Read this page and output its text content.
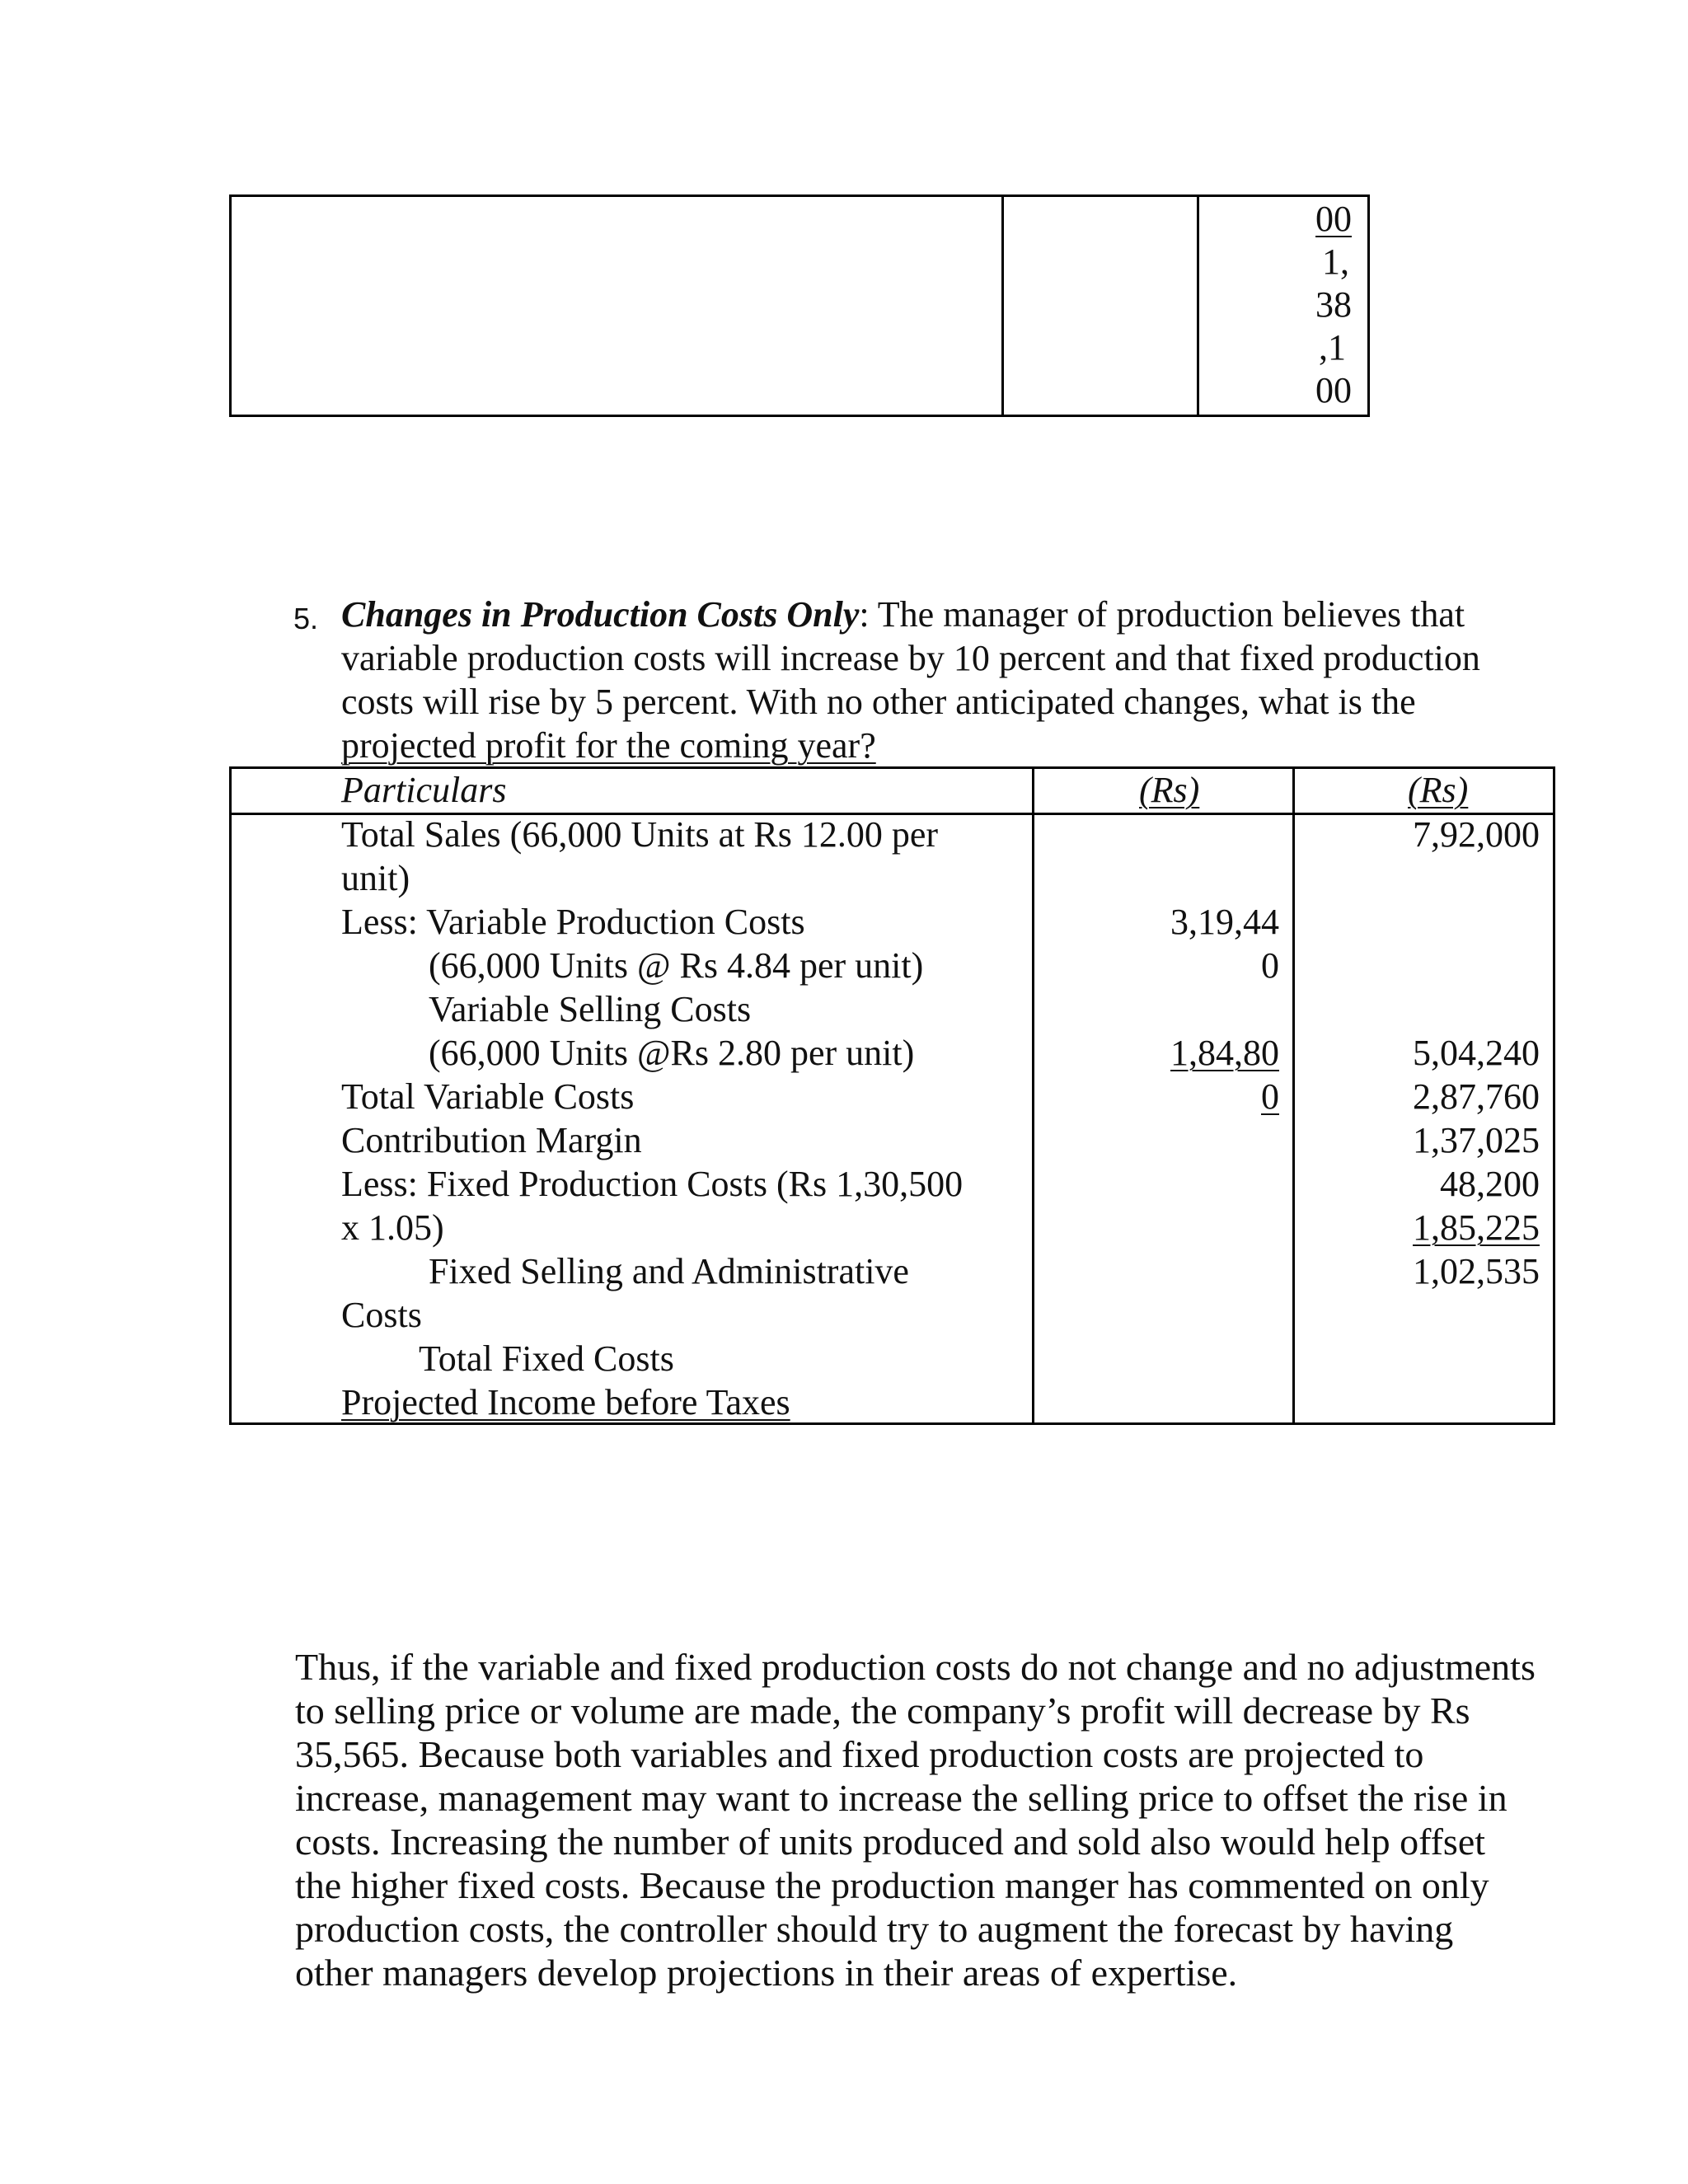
00
1,
38
,1
00
5. Changes in Production Costs Only: The manager of production believes that
variable production costs will increase by 10 percent and that fixed production
costs will rise by 5 percent. With no other anticipated changes, what is the
projected profit for the coming year?
Particulars	(Rs)	(Rs)
Total Sales (66,000 Units at Rs 12.00 per
unit)
Less: Variable Production Costs
(66,000 Units @ Rs 4.84 per unit)
Variable Selling Costs
(66,000 Units @Rs 2.80 per unit)
Total Variable Costs
Contribution Margin
Less: Fixed Production Costs (Rs 1,30,500
x 1.05)
Fixed Selling and Administrative
Costs
Total Fixed Costs
Projected Income before Taxes
3,19,44
0
1,84,80
0
7,92,000
5,04,240
2,87,760
1,37,025
48,200
1,85,225
1,02,535
Thus, if the variable and fixed production costs do not change and no adjustments
to selling price or volume are made, the company’s profit will decrease by Rs
35,565. Because both variables and fixed production costs are projected to
increase, management may want to increase the selling price to offset the rise in
costs. Increasing the number of units produced and sold also would help offset
the higher fixed costs. Because the production manger has commented on only
production costs, the controller should try to augment the forecast by having
other managers develop projections in their areas of expertise.
